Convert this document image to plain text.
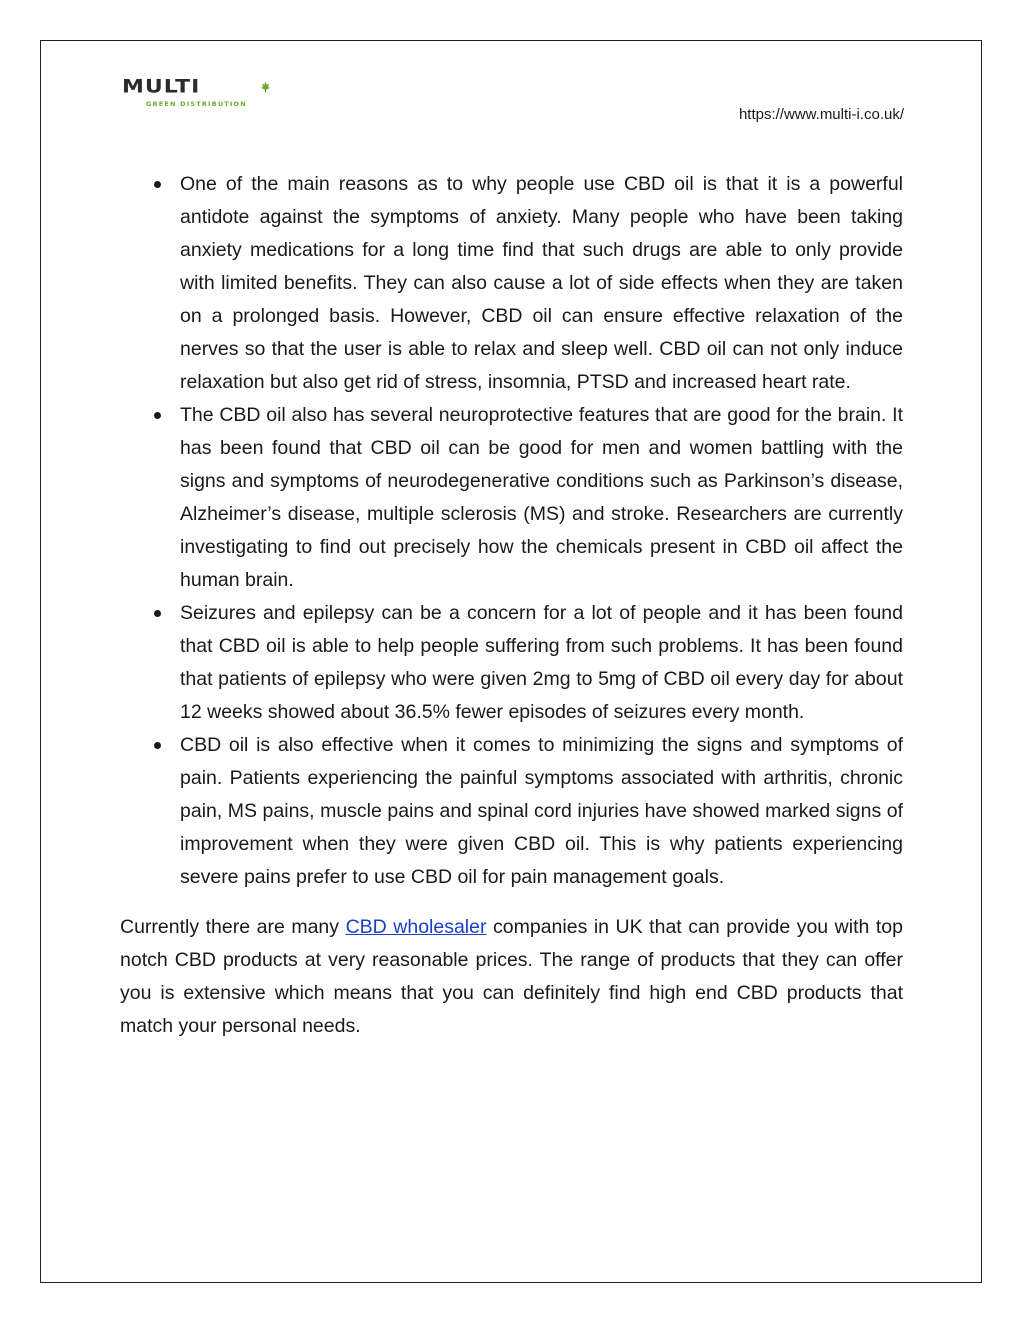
MULTI
GREEN DISTRIBUTION
https://www.multi-i.co.uk/
One of the main reasons as to why people use CBD oil is that it is a powerful antidote against the symptoms of anxiety. Many people who have been taking anxiety medications for a long time find that such drugs are able to only provide with limited benefits. They can also cause a lot of side effects when they are taken on a prolonged basis. However, CBD oil can ensure effective relaxation of the nerves so that the user is able to relax and sleep well. CBD oil can not only induce relaxation but also get rid of stress, insomnia, PTSD and increased heart rate.
The CBD oil also has several neuroprotective features that are good for the brain. It has been found that CBD oil can be good for men and women battling with the signs and symptoms of neurodegenerative conditions such as Parkinson’s disease, Alzheimer’s disease, multiple sclerosis (MS) and stroke. Researchers are currently investigating to find out precisely how the chemicals present in CBD oil affect the human brain.
Seizures and epilepsy can be a concern for a lot of people and it has been found that CBD oil is able to help people suffering from such problems. It has been found that patients of epilepsy who were given 2mg to 5mg of CBD oil every day for about 12 weeks showed about 36.5% fewer episodes of seizures every month.
CBD oil is also effective when it comes to minimizing the signs and symptoms of pain. Patients experiencing the painful symptoms associated with arthritis, chronic pain, MS pains, muscle pains and spinal cord injuries have showed marked signs of improvement when they were given CBD oil. This is why patients experiencing severe pains prefer to use CBD oil for pain management goals.

Currently there are many CBD wholesaler companies in UK that can provide you with top notch CBD products at very reasonable prices. The range of products that they can offer you is extensive which means that you can definitely find high end CBD products that match your personal needs.
